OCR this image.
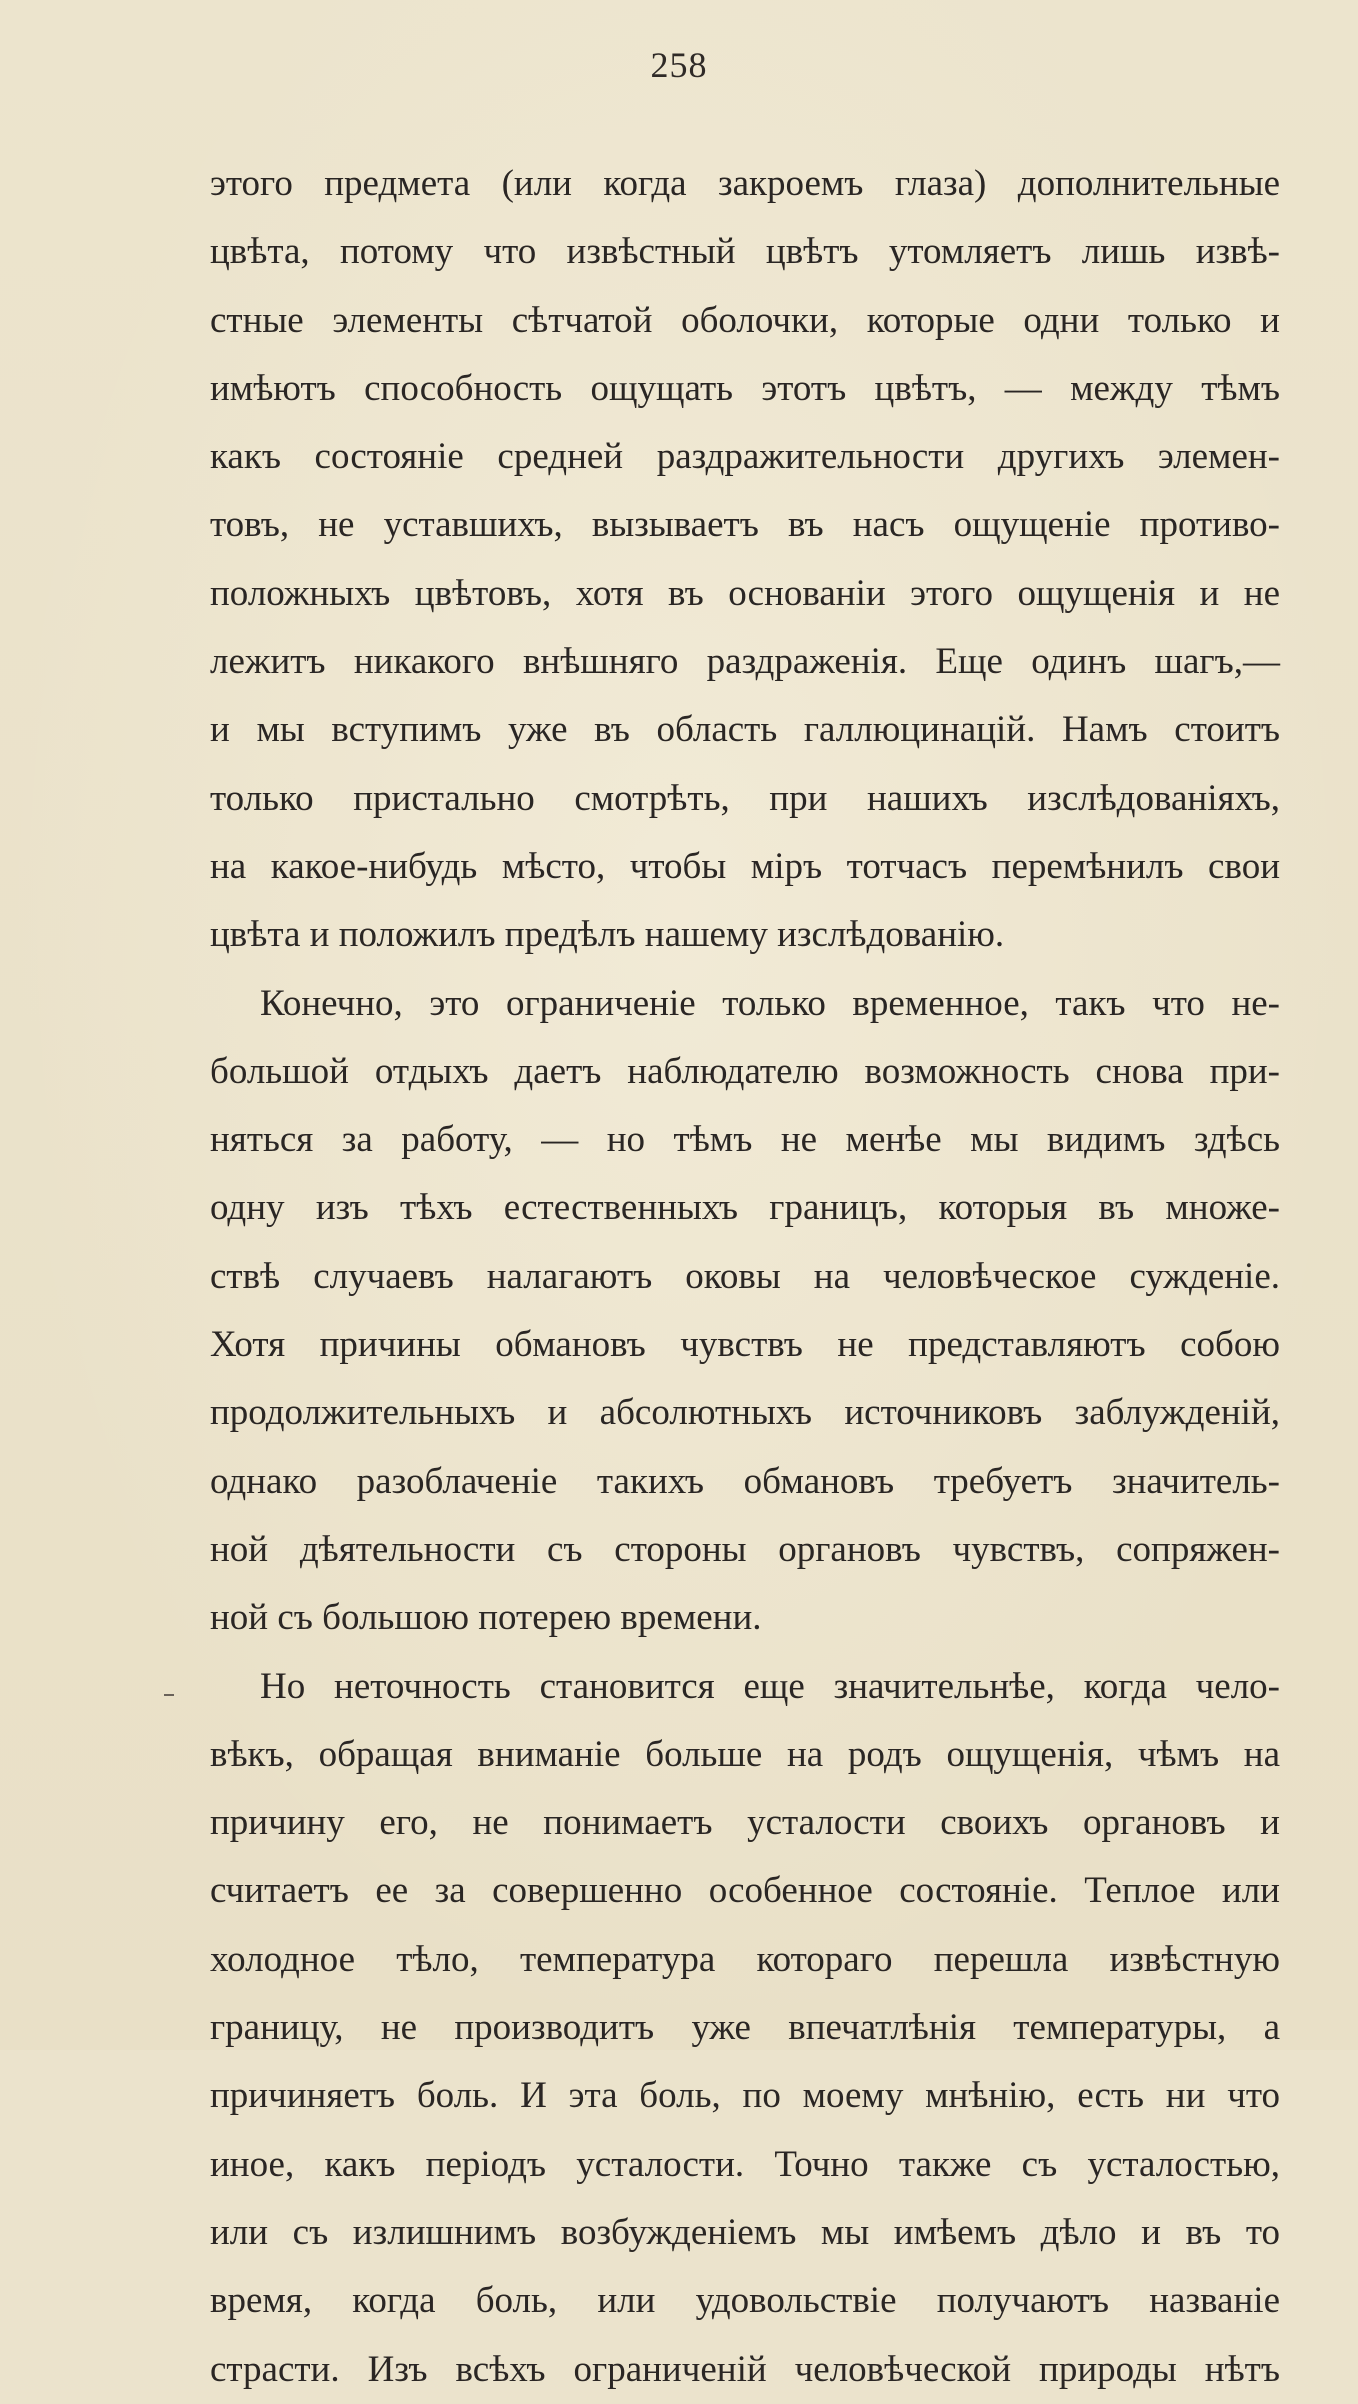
258
этого предмета (или когда закроемъ глаза) дополнительные
цвѣта, потому что извѣстный цвѣтъ утомляетъ лишь извѣ-
стные элементы сѣтчатой оболочки, которые одни только и
имѣютъ способность ощущать этотъ цвѣтъ, — между тѣмъ
какъ состоянiе средней раздражительности другихъ элемен-
товъ, не уставшихъ, вызываетъ въ насъ ощущенiе противо-
положныхъ цвѣтовъ, хотя въ основанiи этого ощущенiя и не
лежитъ никакого внѣшняго раздраженiя. Еще одинъ шагъ,—
и мы вступимъ уже въ область галлюцинацiй. Намъ стоитъ
только пристально смотрѣть, при нашихъ изслѣдованiяхъ,
на какое-нибудь мѣсто, чтобы мiръ тотчасъ перемѣнилъ свои
цвѣта и положилъ предѣлъ нашему изслѣдованiю.
Конечно, это ограниченiе только временное, такъ что не-
большой отдыхъ даетъ наблюдателю возможность снова при-
няться за работу, — но тѣмъ не менѣе мы видимъ здѣсь
одну изъ тѣхъ естественныхъ границъ, которыя въ множе-
ствѣ случаевъ налагаютъ оковы на человѣческое сужденiе.
Хотя причины обмановъ чувствъ не представляютъ собою
продолжительныхъ и абсолютныхъ источниковъ заблужденiй,
однако разоблаченiе такихъ обмановъ требуетъ значитель-
ной дѣятельности съ стороны органовъ чувствъ, сопряжен-
ной съ большою потерею времени.
Но неточность становится еще значительнѣе, когда чело-
вѣкъ, обращая вниманiе больше на родъ ощущенiя, чѣмъ на
причину его, не понимаетъ усталости своихъ органовъ и
считаетъ ее за совершенно особенное состоянiе. Теплое или
холодное тѣло, температура котораго перешла извѣстную
границу, не производитъ уже впечатлѣнiя температуры, а
причиняетъ боль. И эта боль, по моему мнѣнiю, есть ни что
иное, какъ перiодъ усталости. Точно также съ усталостью,
или съ излишнимъ возбужденiемъ мы имѣемъ дѣло и въ то
время, когда боль, или удовольствiе получаютъ названiе
страсти. Изъ всѣхъ ограниченiй человѣческой природы нѣтъ
